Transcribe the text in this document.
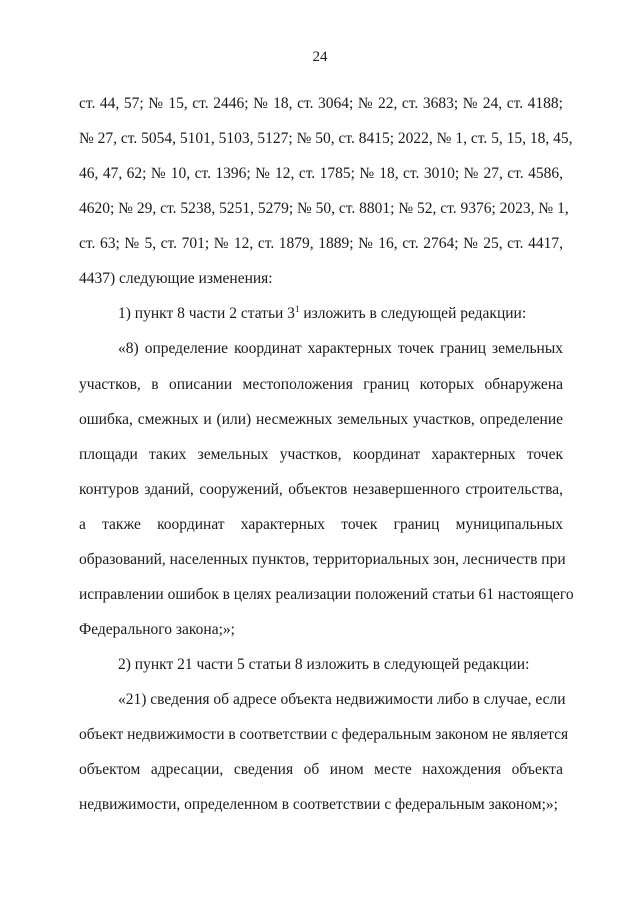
24
ст. 44, 57; № 15, ст. 2446; № 18, ст. 3064; № 22, ст. 3683; № 24, ст. 4188;
№ 27, ст. 5054, 5101, 5103, 5127; № 50, ст. 8415; 2022, № 1, ст. 5, 15, 18, 45,
46, 47, 62; № 10, ст. 1396; № 12, ст. 1785; № 18, ст. 3010; № 27, ст. 4586,
4620; № 29, ст. 5238, 5251, 5279; № 50, ст. 8801; № 52, ст. 9376; 2023, № 1,
ст. 63; № 5, ст. 701; № 12, ст. 1879, 1889; № 16, ст. 2764; № 25, ст. 4417,
4437) следующие изменения:
1) пункт 8 части 2 статьи $3^1$ изложить в следующей редакции:
«8) определение координат характерных точек границ земельных
участков, в описании местоположения границ которых обнаружена
ошибка, смежных и (или) несмежных земельных участков, определение
площади таких земельных участков, координат характерных точек
контуров зданий, сооружений, объектов незавершенного строительства,
а также координат характерных точек границ муниципальных
образований, населенных пунктов, территориальных зон, лесничеств при
исправлении ошибок в целях реализации положений статьи 61 настоящего
Федерального закона;»;
2) пункт 21 части 5 статьи 8 изложить в следующей редакции:
«21) сведения об адресе объекта недвижимости либо в случае, если
объект недвижимости в соответствии с федеральным законом не является
объектом адресации, сведения об ином месте нахождения объекта
недвижимости, определенном в соответствии с федеральным законом;»;
